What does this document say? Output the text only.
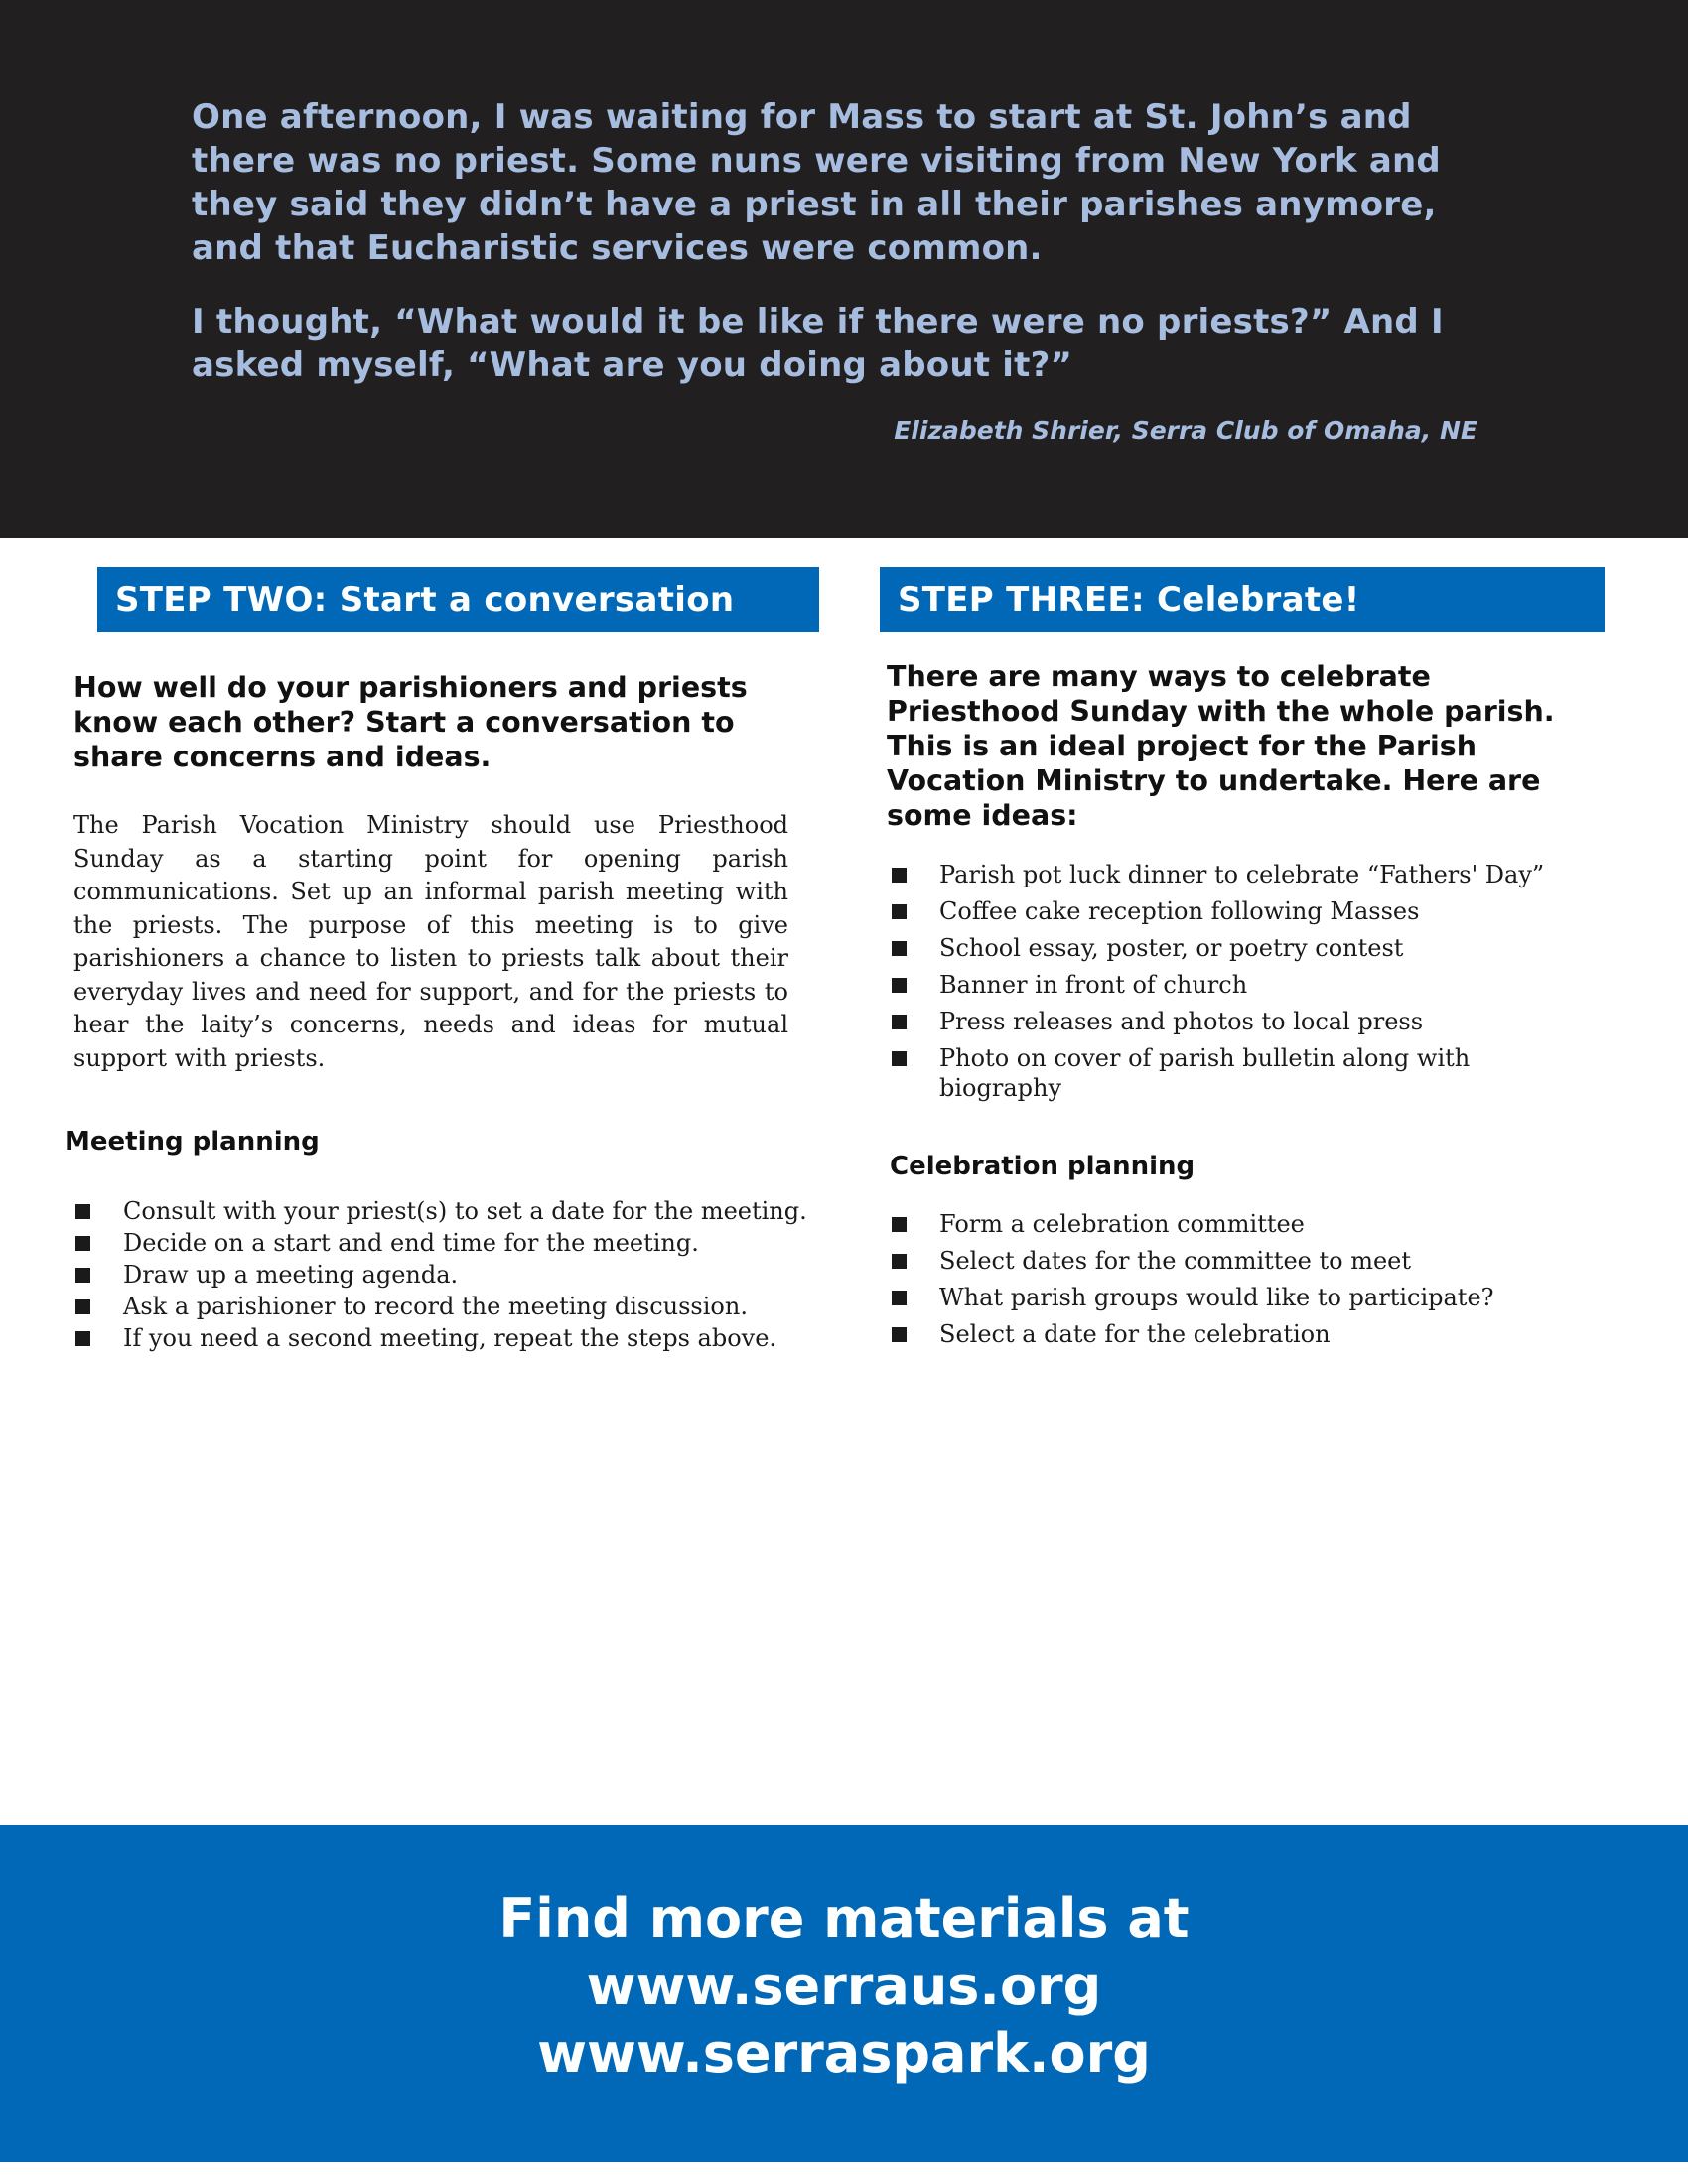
One afternoon, I was waiting for Mass to start at St. John’s and there was no priest. Some nuns were visiting from New York and they said they didn’t have a priest in all their parishes anymore, and that Eucharistic services were common.

I thought, “What would it be like if there were no priests?” And I asked myself, “What are you doing about it?”

Elizabeth Shrier, Serra Club of Omaha, NE

STEP TWO: Start a conversation

How well do your parishioners and priests know each other? Start a conversation to share concerns and ideas.

The Parish Vocation Ministry should use Priesthood Sunday as a starting point for opening parish communications. Set up an informal parish meeting with the priests. The purpose of this meeting is to give parishioners a chance to listen to priests talk about their everyday lives and need for support, and for the priests to hear the laity’s concerns, needs and ideas for mutual support with priests.

Meeting planning
Consult with your priest(s) to set a date for the meeting.
Decide on a start and end time for the meeting.
Draw up a meeting agenda.
Ask a parishioner to record the meeting discussion.
If you need a second meeting, repeat the steps above.
STEP THREE: Celebrate!

There are many ways to celebrate Priesthood Sunday with the whole parish. This is an ideal project for the Parish Vocation Ministry to undertake. Here are some ideas:

Parish pot luck dinner to celebrate “Fathers' Day”
Coffee cake reception following Masses
School essay, poster, or poetry contest
Banner in front of church
Press releases and photos to local press
Photo on cover of parish bulletin along with biography
Celebration planning
Form a celebration committee
Select dates for the committee to meet
What parish groups would like to participate?
Select a date for the celebration

Find more materials at
www.serraus.org
www.serraspark.org
